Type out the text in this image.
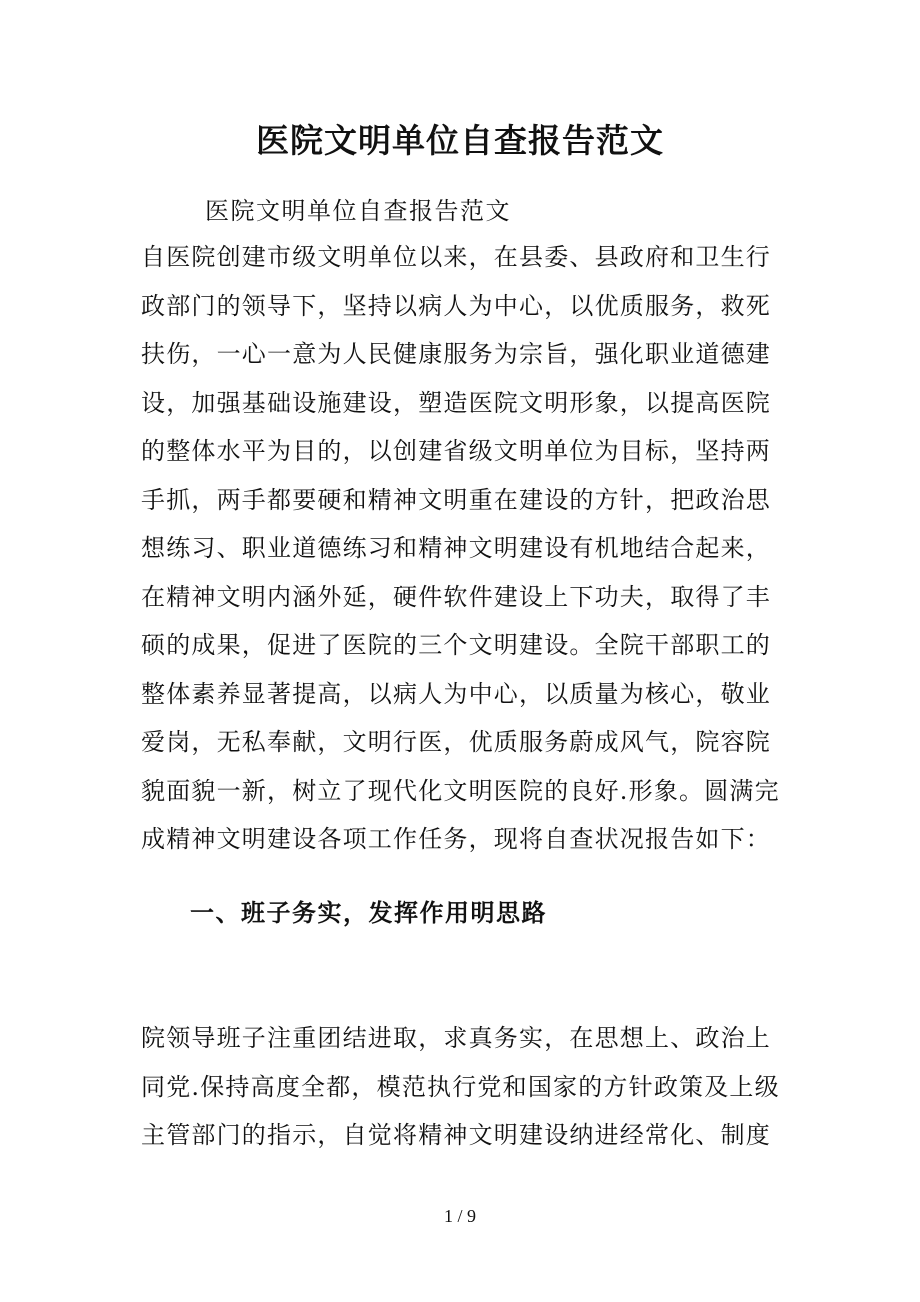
医院文明单位自查报告范文

医院文明单位自查报告范文

自医院创建市级文明单位以来，在县委、县政府和卫生行
政部门的领导下，坚持以病人为中心，以优质服务，救死
扶伤，一心一意为人民健康服务为宗旨，强化职业道德建
设，加强基础设施建设，塑造医院文明形象，以提高医院
的整体水平为目的，以创建省级文明单位为目标，坚持两
手抓，两手都要硬和精神文明重在建设的方针，把政治思
想练习、职业道德练习和精神文明建设有机地结合起来，
在精神文明内涵外延，硬件软件建设上下功夫，取得了丰
硕的成果，促进了医院的三个文明建设。全院干部职工的
整体素养显著提高，以病人为中心，以质量为核心，敬业
爱岗，无私奉献，文明行医，优质服务蔚成风气，院容院
貌面貌一新，树立了现代化文明医院的良好.形象。圆满完
成精神文明建设各项工作任务，现将自查状况报告如下：

一、班子务实，发挥作用明思路

院领导班子注重团结进取，求真务实，在思想上、政治上
同党.保持高度全都，模范执行党和国家的方针政策及上级
主管部门的指示，自觉将精神文明建设纳进经常化、制度

1 / 9
